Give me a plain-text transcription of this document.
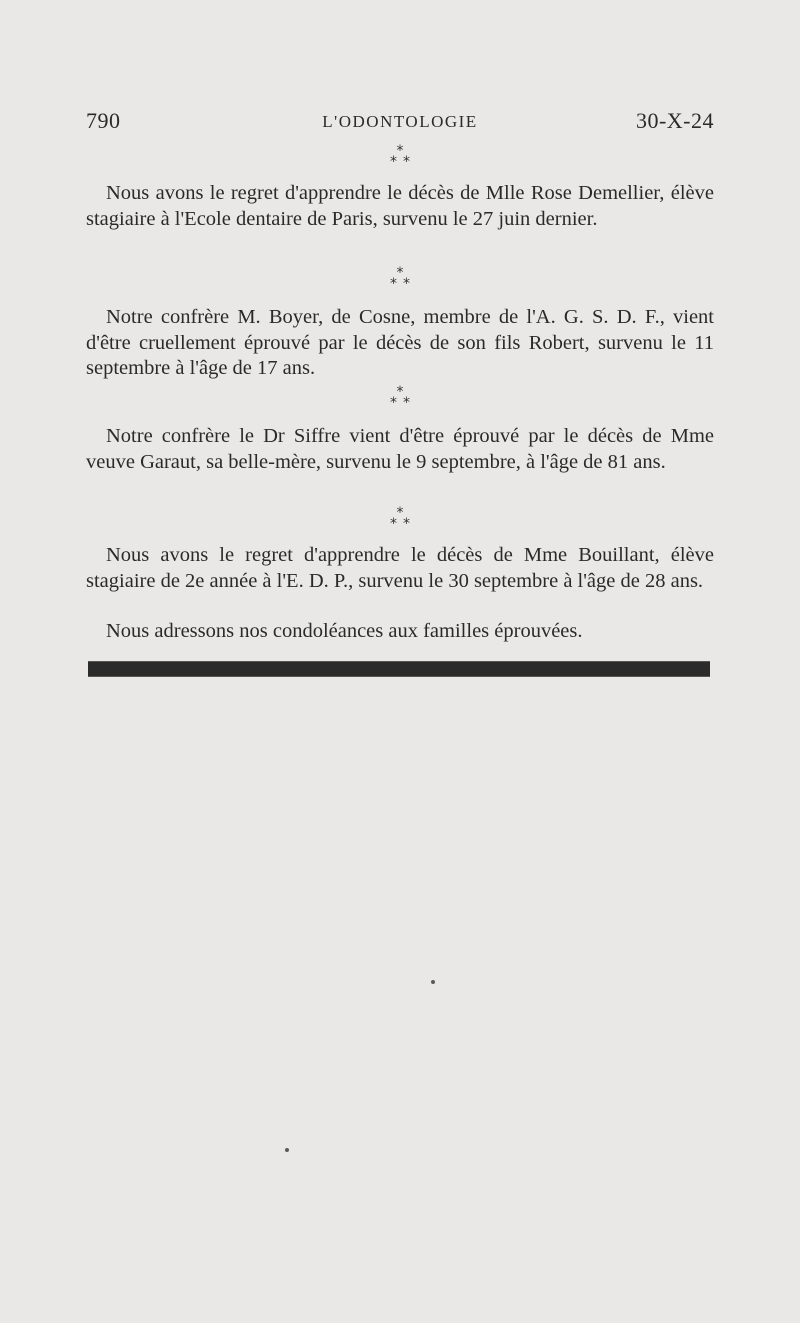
790	L'ODONTOLOGIE	30-X-24
*
**
Nous avons le regret d'apprendre le décès de Mlle Rose Demellier, élève stagiaire à l'Ecole dentaire de Paris, survenu le 27 juin dernier.
*
**
Notre confrère M. Boyer, de Cosne, membre de l'A. G. S. D. F., vient d'être cruellement éprouvé par le décès de son fils Robert, survenu le 11 septembre à l'âge de 17 ans.
*
**
Notre confrère le Dr Siffre vient d'être éprouvé par le décès de Mme veuve Garaut, sa belle-mère, survenu le 9 septembre, à l'âge de 81 ans.
*
**
Nous avons le regret d'apprendre le décès de Mme Bouillant, élève stagiaire de 2e année à l'E. D. P., survenu le 30 septembre à l'âge de 28 ans.
Nous adressons nos condoléances aux familles éprouvées.
